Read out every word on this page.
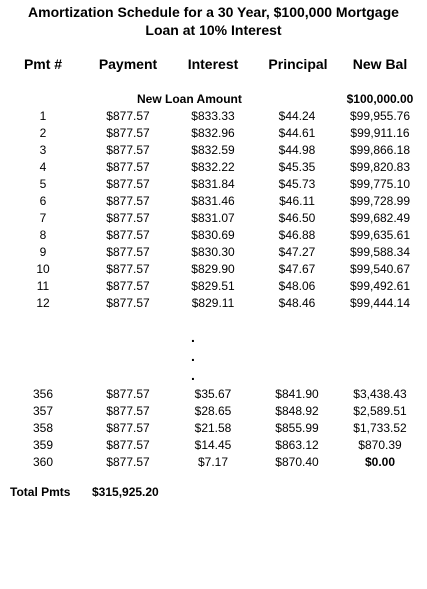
Amortization Schedule for a 30 Year, $100,000 Mortgage
Loan at 10% Interest
Pmt #	Payment	Interest	Principal	New Bal
New Loan Amount	$100,000.00
1	$877.57	$833.33	$44.24	$99,955.76
2	$877.57	$832.96	$44.61	$99,911.16
3	$877.57	$832.59	$44.98	$99,866.18
4	$877.57	$832.22	$45.35	$99,820.83
5	$877.57	$831.84	$45.73	$99,775.10
6	$877.57	$831.46	$46.11	$99,728.99
7	$877.57	$831.07	$46.50	$99,682.49
8	$877.57	$830.69	$46.88	$99,635.61
9	$877.57	$830.30	$47.27	$99,588.34
10	$877.57	$829.90	$47.67	$99,540.67
11	$877.57	$829.51	$48.06	$99,492.61
12	$877.57	$829.11	$48.46	$99,444.14
.
.
.
356	$877.57	$35.67	$841.90	$3,438.43
357	$877.57	$28.65	$848.92	$2,589.51
358	$877.57	$21.58	$855.99	$1,733.52
359	$877.57	$14.45	$863.12	$870.39
360	$877.57	$7.17	$870.40	$0.00
Total Pmts $315,925.20
